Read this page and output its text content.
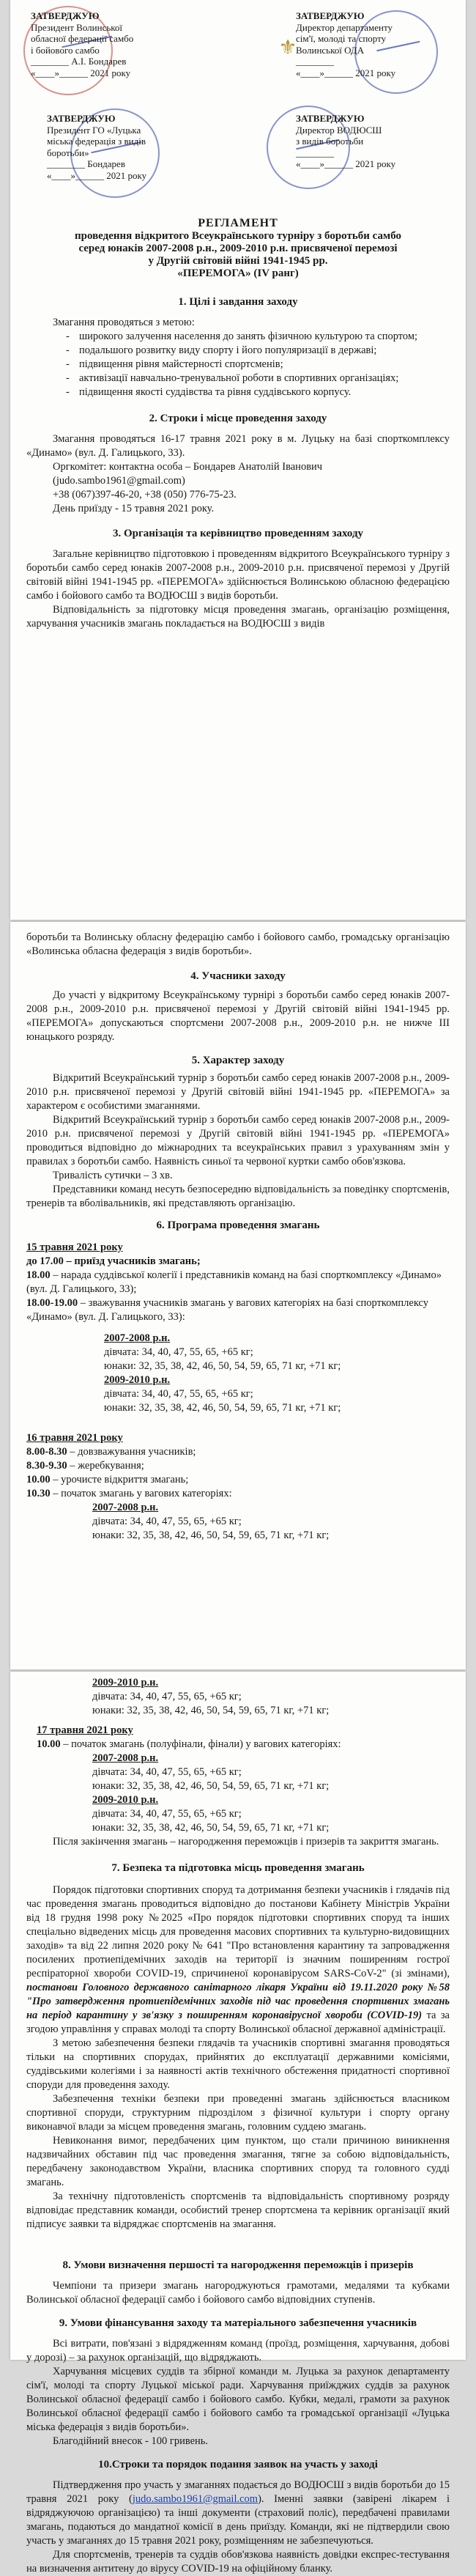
⚜
ЗАТВЕРДЖУЮ
Президент Волинської
обласної федерації самбо
і бойового самбо
________ А.І. Бондарев
«____»______ 2021 року
ЗАТВЕРДЖУЮ
Директор департаменту
сім'ї, молоді та спорту
Волинської ОДА
________
«____»______ 2021 року
ЗАТВЕРДЖУЮ
Президент ГО «Луцька
міська федерація з видів
боротьби»
________ Бондарев
«____»______ 2021 року
ЗАТВЕРДЖУЮ
Директор ВОДЮСШ
з видів боротьби
________
«____»______ 2021 року

РЕГЛАМЕНТ

проведення відкритого Всеукраїнського турніру з боротьби самбо

серед юнаків 2007-2008 р.н., 2009-2010 р.н. присвяченої перемозі

у Другій світовій війні 1941-1945 рр.

«ПЕРЕМОГА» (IV ранг)

1. Цілі і завдання заходу

Змагання проводяться з метою:

- широкого залучення населення до занять фізичною культурою та спортом;
- подальшого розвитку виду спорту і його популяризації в державі;
- підвищення рівня майстерності спортсменів;
- активізації навчально-тренувальної роботи в спортивних організаціях;
- підвищення якості суддівства та рівня суддівського корпусу.

2. Строки і місце проведення заходу

Змагання проводяться 16-17 травня 2021 року в м. Луцьку на базі спорткомплексу «Динамо» (вул. Д. Галицького, 33).

Оргкомітет: контактна особа – Бондарев Анатолій Іванович

(judo.sambo1961@gmail.com)

+38 (067)397-46-20, +38 (050) 776-75-23.

День приїзду - 15 травня 2021 року.

3. Організація та керівництво проведенням заходу

Загальне керівництво підготовкою і проведенням відкритого Всеукраїнського турніру з боротьби самбо серед юнаків 2007-2008 р.н., 2009-2010 р.н. присвяченої перемозі у Другій світовій війні 1941-1945 рр. «ПЕРЕМОГА» здійснюється Волинською обласною федерацією самбо і бойового самбо та ВОДЮСШ з видів боротьби.

Відповідальність за підготовку місця проведення змагань, організацію розміщення, харчування учасників змагань покладається на ВОДЮСШ з видів

боротьби та Волинську обласну федерацію самбо і бойового самбо, громадську організацію «Волинська обласна федерація з видів боротьби».

4. Учасники заходу

До участі у відкритому Всеукраїнському турнірі з боротьби самбо серед юнаків 2007-2008 р.н., 2009-2010 р.н. присвяченої перемозі у Другій світовій війні 1941-1945 рр. «ПЕРЕМОГА» допускаються спортсмени 2007-2008 р.н., 2009-2010 р.н. не нижче ІІІ юнацького розряду.

5. Характер заходу

Відкритий Всеукраїнський турнір з боротьби самбо серед юнаків 2007-2008 р.н., 2009-2010 р.н. присвяченої перемозі у Другій світовій війні 1941-1945 рр. «ПЕРЕМОГА» за характером є особистими змаганнями.

Відкритий Всеукраїнський турнір з боротьби самбо серед юнаків 2007-2008 р.н., 2009-2010 р.н. присвяченої перемозі у Другій світовій війні 1941-1945 рр. «ПЕРЕМОГА» проводиться відповідно до міжнародних та всеукраїнських правил з урахуванням змін у правилах з боротьби самбо. Наявність синьої та червоної куртки самбо обов'язкова.

Тривалість сутички – 3 хв.

Представники команд несуть безпосередню відповідальність за поведінку спортсменів, тренерів та вболівальників, які представляють організацію.

6. Програма проведення змагань

15 травня 2021 року

до 17.00 – приїзд учасників змагань;

18.00 – нарада суддівської колегії і представників команд на базі спорткомплексу «Динамо» (вул. Д. Галицького, 33);

18.00-19.00 – зважування учасників змагань у вагових категоріях на базі спорткомплексу «Динамо» (вул. Д. Галицького, 33):

2007-2008 р.н.

дівчата: 34, 40, 47, 55, 65, +65 кг;

юнаки: 32, 35, 38, 42, 46, 50, 54, 59, 65, 71 кг, +71 кг;

2009-2010 р.н.

дівчата: 34, 40, 47, 55, 65, +65 кг;

юнаки: 32, 35, 38, 42, 46, 50, 54, 59, 65, 71 кг, +71 кг;

16 травня 2021 року

8.00-8.30 – довзважування учасників;

8.30-9.30 – жеребкування;

10.00 – урочисте відкриття змагань;

10.30 – початок змагань у вагових категоріях:

2007-2008 р.н.

дівчата: 34, 40, 47, 55, 65, +65 кг;

юнаки: 32, 35, 38, 42, 46, 50, 54, 59, 65, 71 кг, +71 кг;

2009-2010 р.н.

дівчата: 34, 40, 47, 55, 65, +65 кг;

юнаки: 32, 35, 38, 42, 46, 50, 54, 59, 65, 71 кг, +71 кг;

17 травня 2021 року

10.00 – початок змагань (полуфінали, фінали) у вагових категоріях:

2007-2008 р.н.

дівчата: 34, 40, 47, 55, 65, +65 кг;

юнаки: 32, 35, 38, 42, 46, 50, 54, 59, 65, 71 кг, +71 кг;

2009-2010 р.н.

дівчата: 34, 40, 47, 55, 65, +65 кг;

юнаки: 32, 35, 38, 42, 46, 50, 54, 59, 65, 71 кг, +71 кг;

Після закінчення змагань – нагородження переможців і призерів та закриття змагань.

7. Безпека та підготовка місць проведення змагань

Порядок підготовки спортивних споруд та дотримання безпеки учасників і глядачів під час проведення змагань проводиться відповідно до постанови Кабінету Міністрів України від 18 грудня 1998 року №2025 «Про порядок підготовки спортивних споруд та інших спеціально відведених місць для проведення масових спортивних та культурно-видовищних заходів» та від 22 липня 2020 року № 641 "Про встановлення карантину та запровадження посилених протиепідемічних заходів на території із значним поширенням гострої респіраторної хвороби COVID-19, спричиненої коронавірусом SARS-CoV-2" (зі змінами), постанови Головного державного санітарного лікаря України від 19.11.2020 року №58 "Про затвердження протиепідемічних заходів під час проведення спортивних змагань на період карантину у зв'язку з поширенням коронавірусної хвороби (COVID-19) та за згодою управління у справах молоді та спорту Волинської обласної державної адміністрації.

З метою забезпечення безпеки глядачів та учасників спортивні змагання проводяться тільки на спортивних спорудах, прийнятих до експлуатації державними комісіями, суддівськими колегіями і за наявності актів технічного обстеження придатності спортивної споруди для проведення заходу.

Забезпечення техніки безпеки при проведенні змагань здійснюється власником спортивної споруди, структурним підрозділом з фізичної культури і спорту органу виконавчої влади за місцем проведення змагань, головним суддею змагань.

Невиконання вимог, передбачених цим пунктом, що стали причиною виникнення надзвичайних обставин під час проведення змагання, тягне за собою відповідальність, передбачену законодавством України, власника спортивних споруд та головного судді змагань.

За технічну підготовленість спортсменів та відповідальність спортивному розряду відповідає представник команди, особистий тренер спортсмена та керівник організації який підписує заявки та відряджає спортсменів на змагання.

8. Умови визначення першості та нагородження переможців і призерів

Чемпіони та призери змагань нагороджуються грамотами, медалями та кубками Волинської обласної федерації самбо і бойового самбо відповідних ступенів.

9. Умови фінансування заходу та матеріального забезпечення учасників

Всі витрати, пов'язані з відрядженням команд (проїзд, розміщення, харчування, добові у дорозі) – за рахунок організацій, що відряджають.

Харчування місцевих суддів та збірної команди м. Луцька за рахунок департаменту сім'ї, молоді та спорту Луцької міської ради. Харчування приїжджих суддів за рахунок Волинської обласної федерації самбо і бойового самбо. Кубки, медалі, грамоти за рахунок Волинської обласної федерації самбо і бойового самбо та громадської організації «Луцька міська федерація з видів боротьби».

Благодійний внесок - 100 гривень.

10.Строки та порядок подання заявок на участь у заході

Підтвердження про участь у змаганнях подається до ВОДЮСШ з видів боротьби до 15 травня 2021 року (judo.sambo1961@gmail.com). Іменні заявки (завірені лікарем і відряджуючою організацією) та інші документи (страховий поліс), передбачені правилами змагань, подаються до мандатної комісії в день приїзду. Команди, які не підтвердили свою участь у змаганнях до 15 травня 2021 року, розміщенням не забезпечуються.

Для спортсменів, тренерів та суддів обов'язкова наявність довідки експрес-тестування на визначення антитену до вірусу COVID-19 на офіційному бланку.
